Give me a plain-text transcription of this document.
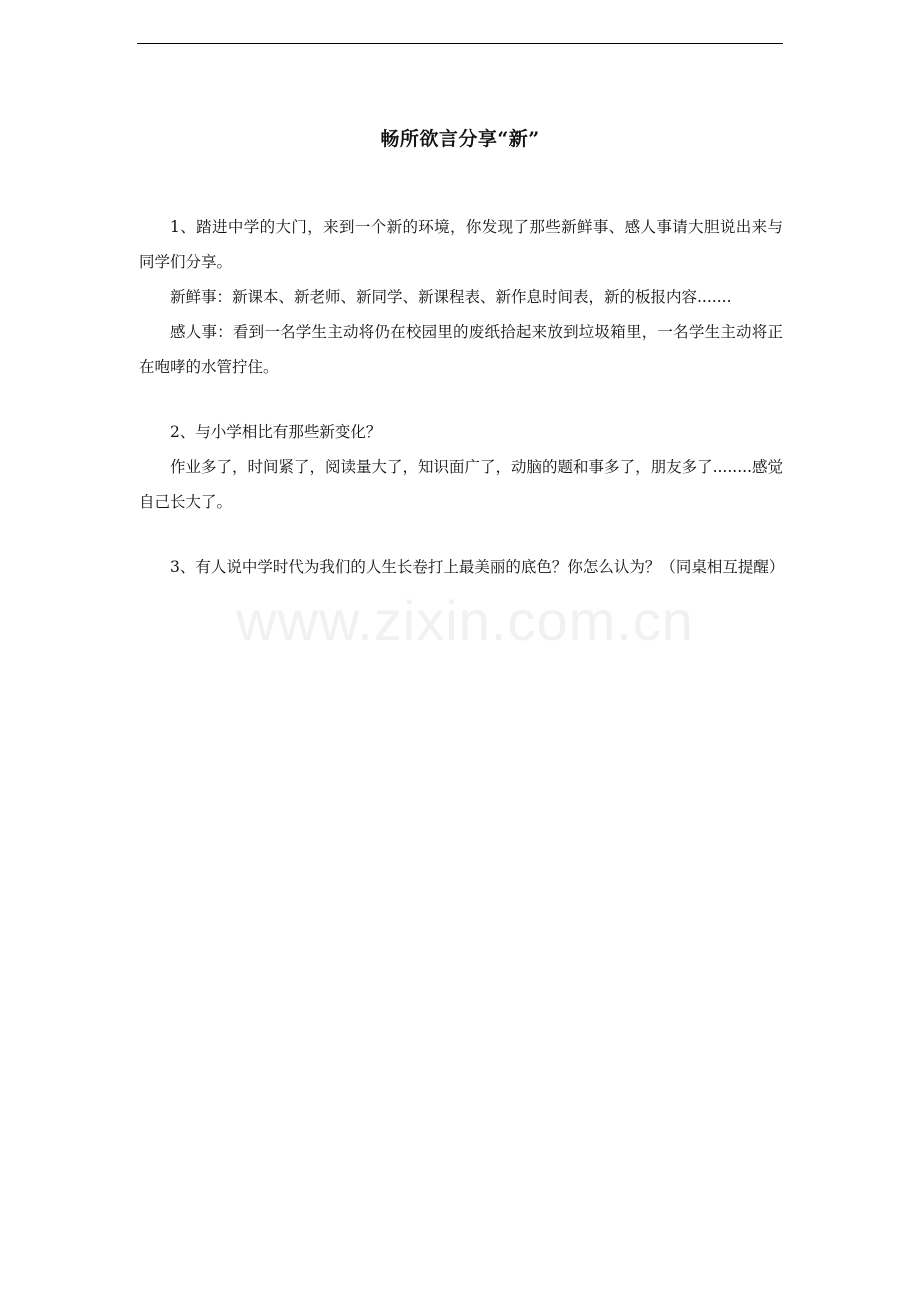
畅所欲言分享“新”

1、踏进中学的大门，来到一个新的环境，你发现了那些新鲜事、感人事请大胆说出来与同学们分享。

新鲜事：新课本、新老师、新同学、新课程表、新作息时间表，新的板报内容.......

感人事：看到一名学生主动将仍在校园里的废纸拾起来放到垃圾箱里，一名学生主动将正在咆哮的水管拧住。

2、与小学相比有那些新变化？

作业多了，时间紧了，阅读量大了，知识面广了，动脑的题和事多了，朋友多了........感觉自己长大了。

3、有人说中学时代为我们的人生长卷打上最美丽的底色？你怎么认为？（同桌相互提醒）

www.zixin.com.cn
